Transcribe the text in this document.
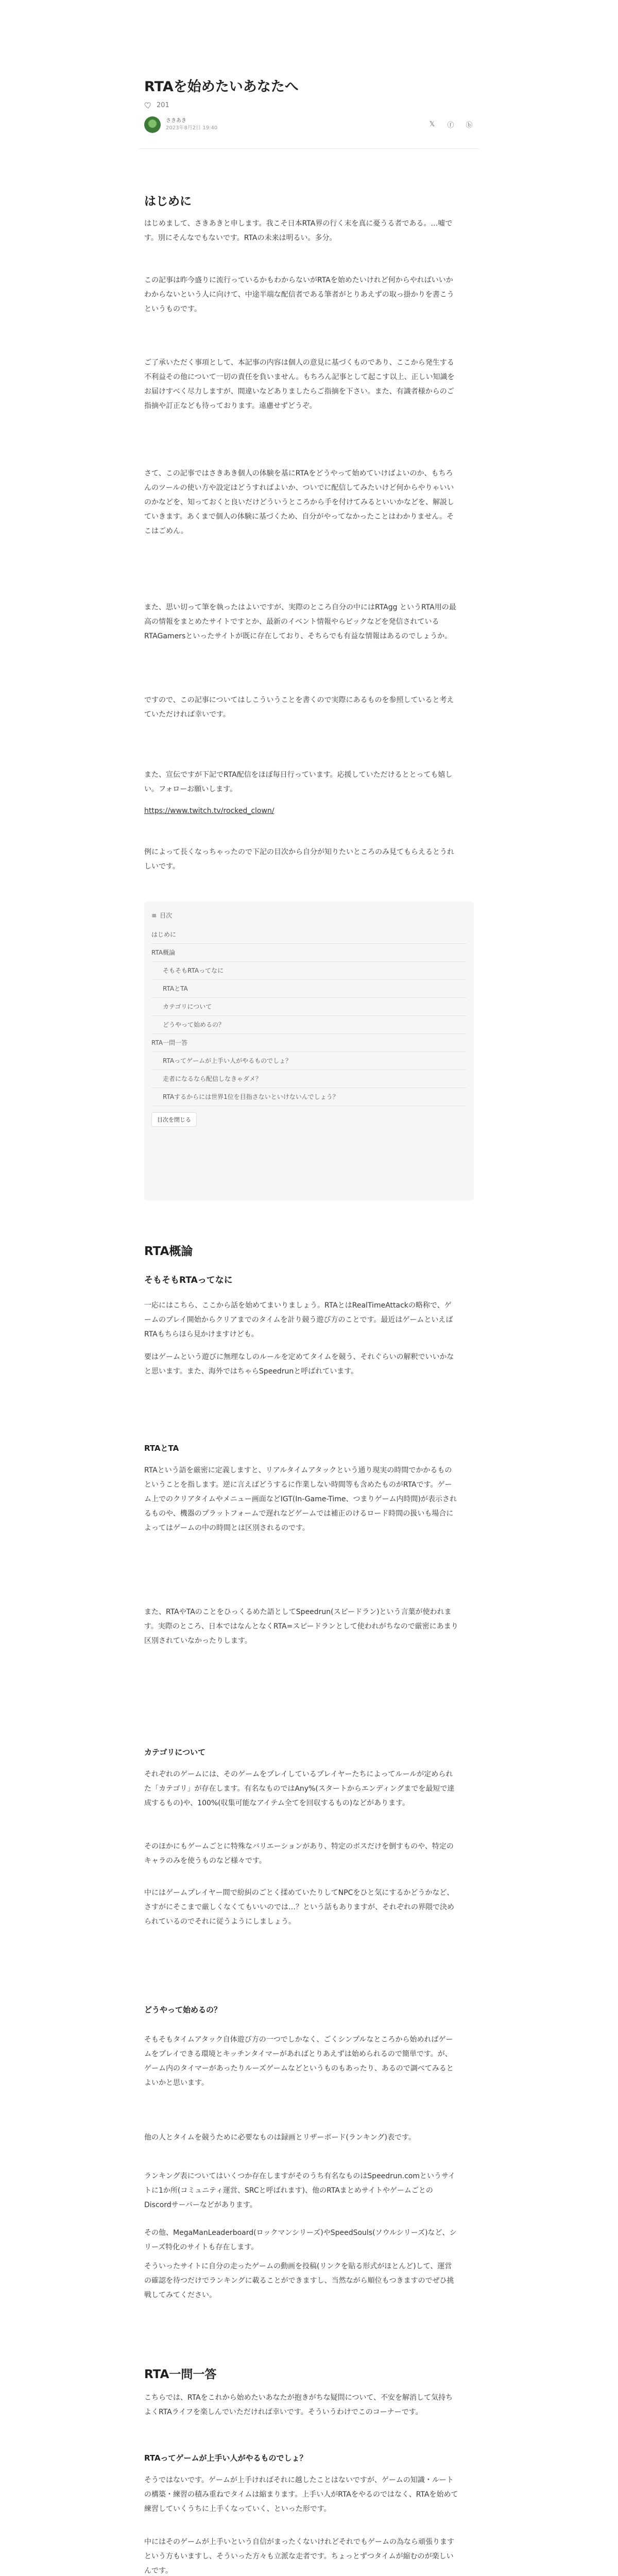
RTAを始めたいあなたへ
201
さきあき
2023年8月2日 19:40	𝕏 ⓕ ⓑ
はじめに

はじめまして、さきあきと申します。我こそ日本RTA界の行く末を真に憂うる者である。…嘘です。別にそんなでもないです。RTAの未来は明るい。多分。

この記事は昨今盛りに流行っているかもわからないがRTAを始めたいけれど何からやればいいかわからないという人に向けて、中途半端な配信者である筆者がとりあえずの取っ掛かりを書こうというものです。

ご了承いただく事項として、本記事の内容は個人の意見に基づくものであり、ここから発生する不利益その他について一切の責任を負いません。もちろん記事として起こす以上、正しい知識をお届けすべく尽力しますが、間違いなどありましたらご指摘を下さい。また、有識者様からのご指摘や訂正なども待っております。遠慮せずどうぞ。

さて、この記事ではさきあき個人の体験を基にRTAをどうやって始めていけばよいのか、もちろんのツールの使い方や設定はどうすればよいか、ついでに配信してみたいけど何からやりゃいいのかなどを、知っておくと良いだけどういうところから手を付けてみるといいかなどを、解説していきます。あくまで個人の体験に基づくため、自分がやってなかったことはわかりません。そこはごめん。

また、思い切って筆を執ったはよいですが、実際のところ自分の中にはRTAgg というRTA用の最高の情報をまとめたサイトですとか、最新のイベント情報やらピックなどを発信されているRTAGamersといったサイトが既に存在しており、そちらでも有益な情報はあるのでしょうか。

ですので、この記事についてはしこういうことを書くので実際にあるものを参照していると考えていただければ幸いです。

また、宣伝ですが下記でRTA配信をほぼ毎日行っています。応援していただけるととっても嬉しい。フォローお願いします。

https://www.twitch.tv/rocked_clown/

例によって長くなっちゃったので下記の目次から自分が知りたいところのみ見てもらえるとうれしいです。

≡ 目次
はじめに
RTA概論
そもそもRTAってなに
RTAとTA
カテゴリについて
どうやって始めるの？
RTA一問一答
RTAってゲームが上手い人がやるものでしょ？
走者になるなら配信しなきゃダメ？
RTAするからには世界1位を目指さないといけないんでしょう？
目次を閉じる
RTA概論
そもそもRTAってなに

一応にはこちら、ここから話を始めてまいりましょう。RTAとはRealTimeAttackの略称で、ゲームのプレイ開始からクリアまでのタイムを計り競う遊び方のことです。最近はゲームといえばRTAもちらほら見かけますけども。

要はゲームという遊びに無理なしのルールを定めてタイムを競う、それぐらいの解釈でいいかなと思います。また、海外ではちゃらSpeedrunと呼ばれています。

RTAとTA

RTAという語を厳密に定義しますと、リアルタイムアタックという通り現実の時間でかかるものということを指します。逆に言えばどうするに作業しない時間等も含めたものがRTAです。ゲーム上でのクリアタイムやメニュー画面などIGT(In-Game-Time、つまりゲーム内時間)が表示されるものや、機器のプラットフォームで遅れなどゲームでは補正のけるロード時間の扱いも場合によってはゲームの中の時間とは区別されるのです。

また、RTAやTAのことをひっくるめた語としてSpeedrun(スピードラン)という言葉が使われます。実際のところ、日本ではなんとなくRTA=スピードランとして使われがちなので厳密にあまり区別されていなかったりします。

カテゴリについて

それぞれのゲームには、そのゲームをプレイしているプレイヤーたちによってルールが定められた「カテゴリ」が存在します。有名なものではAny%(スタートからエンディングまでを最短で達成するもの)や、100%(収集可能なアイテム全てを回収するもの)などがあります。

そのほかにもゲームごとに特殊なバリエーションがあり、特定のボスだけを倒すものや、特定のキャラのみを使うものなど様々です。

中にはゲームプレイヤー間で紛糾のごとく揉めていたりしてNPCをひと気にするかどうかなど、さすがにそこまで厳しくなくてもいいのでは…？という話もありますが、それぞれの界隈で決められているのでそれに従うようにしましょう。

どうやって始めるの？

そもそもタイムアタック自体遊び方の一つでしかなく、ごくシンプルなところから始めればゲームをプレイできる環境とキッチンタイマーがあればとりあえずは始められるので簡単です。が、ゲーム内のタイマーがあったりルーズゲームなどというものもあったり、あるので調べてみるとよいかと思います。

他の人とタイムを競うために必要なものは録画とリザーボード(ランキング)表です。

ランキング表についてはいくつか存在しますがそのうち有名なものはSpeedrun.comというサイトに1か所(コミュニティ運営、SRCと呼ばれます)、他のRTAまとめサイトやゲームごとのDiscordサーバーなどがあります。

その他、MegaManLeaderboard(ロックマンシリーズ)やSpeedSouls(ソウルシリーズ)など、シリーズ特化のサイトも存在します。

そういったサイトに自分の走ったゲームの動画を投稿(リンクを貼る形式がほとんど)して、運営の確認を待つだけでランキングに載ることができますし、当然ながら順位もつきますのでぜひ挑戦してみてください。

RTA一問一答

こちらでは、RTAをこれから始めたいあなたが抱きがちな疑問について、不安を解消して気持ちよくRTAライフを楽しんでいただければ幸いです。そういうわけでこのコーナーです。

RTAってゲームが上手い人がやるものでしょ？

そうではないです。ゲームが上手ければそれに越したことはないですが、ゲームの知識・ルートの構築・練習の積み重ねでタイムは縮まります。上手い人がRTAをやるのではなく、RTAを始めて練習していくうちに上手くなっていく、といった形です。

中にはそのゲームが上手いという自信がまったくないけれどそれでもゲームの為なら頑張りますという方もいますし、そういった方々も立派な走者です。ちょっとずつタイムが縮むのが楽しいんです。
